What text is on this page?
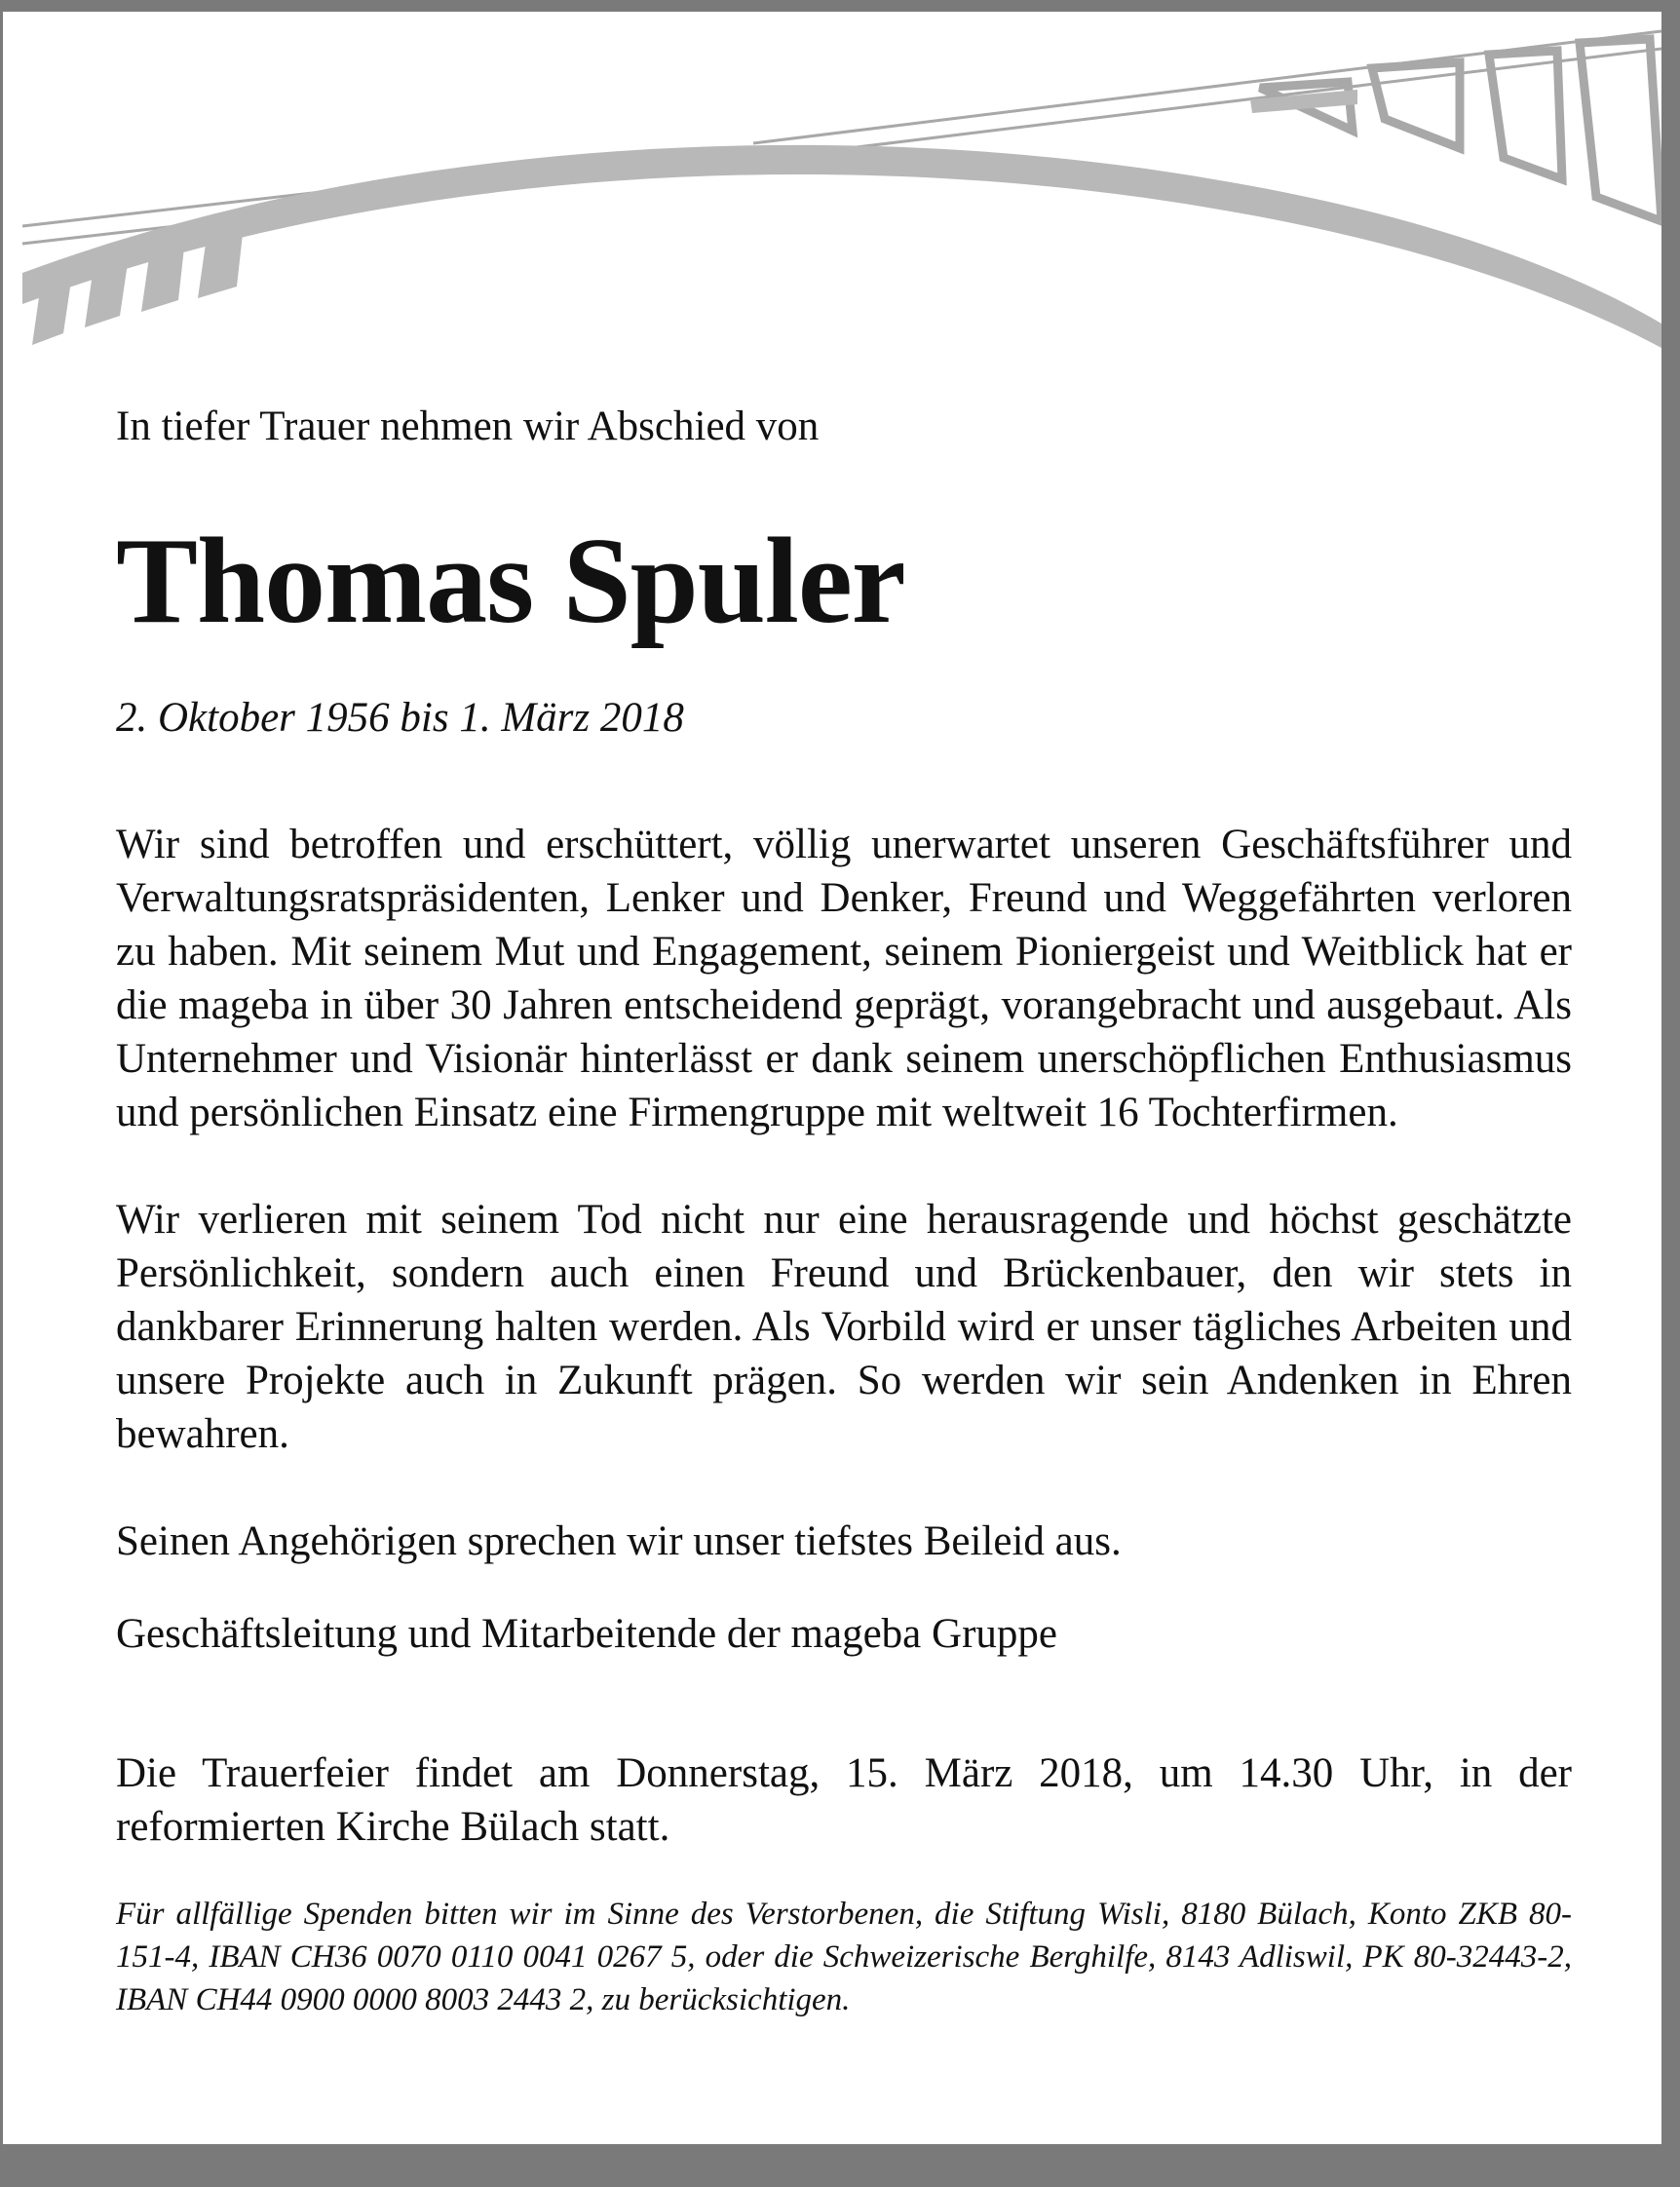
In tiefer Trauer nehmen wir Abschied von

Thomas Spuler

2. Oktober 1956 bis 1. März 2018

Wir sind betroffen und erschüttert, völlig unerwartet unseren Geschäftsführer und Verwaltungsratspräsidenten, Lenker und Denker, Freund und Weggefährten verloren zu haben. Mit seinem Mut und Engagement, seinem Pioniergeist und Weitblick hat er die mageba in über 30 Jahren entscheidend geprägt, vorangebracht und ausgebaut. Als Unternehmer und Visionär hinterlässt er dank seinem unerschöpflichen Enthusiasmus und persönlichen Einsatz eine Firmengruppe mit weltweit 16 Tochterfirmen.

Wir verlieren mit seinem Tod nicht nur eine herausragende und höchst geschätzte Persönlichkeit, sondern auch einen Freund und Brückenbauer, den wir stets in dankbarer Erinnerung halten werden. Als Vorbild wird er unser tägliches Arbeiten und unsere Projekte auch in Zukunft prägen. So werden wir sein Andenken in Ehren bewahren.

Seinen Angehörigen sprechen wir unser tiefstes Beileid aus.

Geschäftsleitung und Mitarbeitende der mageba Gruppe

Die Trauerfeier findet am Donnerstag, 15. März 2018, um 14.30 Uhr, in der reformierten Kirche Bülach statt.

Für allfällige Spenden bitten wir im Sinne des Verstorbenen, die Stiftung Wisli, 8180 Bülach, Konto ZKB 80-151-4, IBAN CH36 0070 0110 0041 0267 5, oder die Schweizerische Berghilfe, 8143 Adliswil, PK 80-32443-2, IBAN CH44 0900 0000 8003 2443 2, zu berücksichtigen.
